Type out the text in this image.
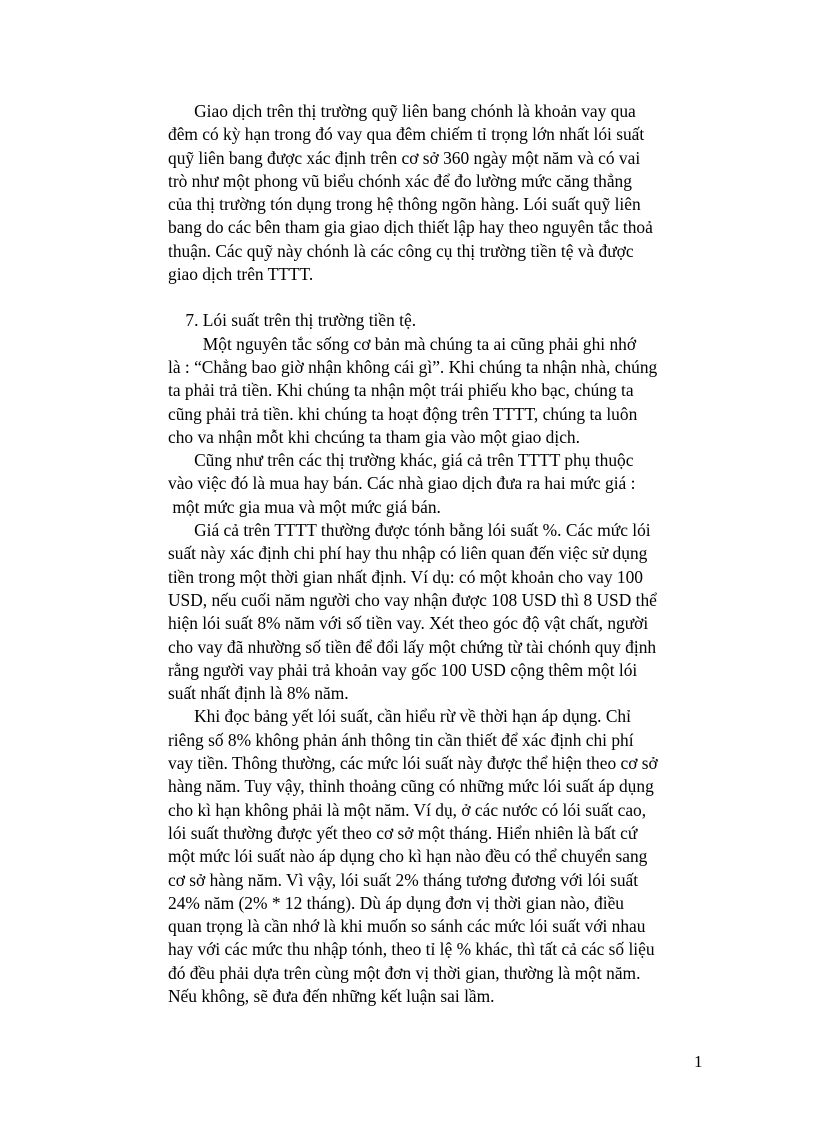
Giao dịch trên thị trường quỹ liên bang chónh là khoản vay qua
đêm có kỳ hạn trong đó vay qua đêm chiếm tỉ trọng lớn nhất lói suất
quỹ liên bang được xác định trên cơ sở 360 ngày một năm và có vai
trò như một phong vũ biểu chónh xác để đo lường mức căng thẳng
của thị trường tón dụng trong hệ thông ngõn hàng. Lói suất quỹ liên
bang do các bên tham gia giao dịch thiết lập hay theo nguyên tắc thoả
thuận. Các quỹ này chónh là các công cụ thị trường tiền tệ và được
giao dịch trên TTTT.

7. Lói suất trên thị trường tiền tệ.

Một nguyên tắc sống cơ bản mà chúng ta ai cũng phải ghi nhớ
là : “Chẳng bao giờ nhận không cái gì”. Khi chúng ta nhận nhà, chúng
ta phải trả tiền. Khi chúng ta nhận một trái phiếu kho bạc, chúng ta
cũng phải trả tiền. khi chúng ta hoạt động trên TTTT, chúng ta luôn
cho va nhận mỗt khi chcúng ta tham gia vào một giao dịch.

Cũng như trên các thị trường khác, giá cả trên TTTT phụ thuộc
vào việc đó là mua hay bán. Các nhà giao dịch đưa ra hai mức giá :
một mức gia mua và một mức giá bán.

Giá cả trên TTTT thường được tónh bằng lói suất %. Các mức lói
suất này xác định chi phí hay thu nhập có liên quan đến việc sử dụng
tiền trong một thời gian nhất định. Ví dụ: có một khoản cho vay 100
USD, nếu cuối năm người cho vay nhận được 108 USD thì 8 USD thể
hiện lói suất 8% năm với số tiền vay. Xét theo góc độ vật chất, người
cho vay đã nhường số tiền để đổi lấy một chứng từ tài chónh quy định
rằng người vay phải trả khoản vay gốc 100 USD cộng thêm một lói
suất nhất định là 8% năm.

Khi đọc bảng yết lói suất, cần hiểu rừ về thời hạn áp dụng. Chỉ
riêng số 8% không phản ánh thông tin cần thiết để xác định chi phí
vay tiền. Thông thường, các mức lói suất này được thể hiện theo cơ sở
hàng năm. Tuy vậy, thỉnh thoảng cũng có những mức lói suất áp dụng
cho kì hạn không phải là một năm. Ví dụ, ở các nước có lói suất cao,
lói suất thường được yết theo cơ sở một tháng. Hiển nhiên là bất cứ
một mức lói suất nào áp dụng cho kì hạn nào đều có thể chuyển sang
cơ sở hàng năm. Vì vậy, lói suất 2% tháng tương đương với lói suất
24% năm (2% * 12 tháng). Dù áp dụng đơn vị thời gian nào, điều
quan trọng là cần nhớ là khi muốn so sánh các mức lói suất với nhau
hay với các mức thu nhập tónh, theo tỉ lệ % khác, thì tất cả các số liệu
đó đều phải dựa trên cùng một đơn vị thời gian, thường là một năm.
Nếu không, sẽ đưa đến những kết luận sai lầm.

1
